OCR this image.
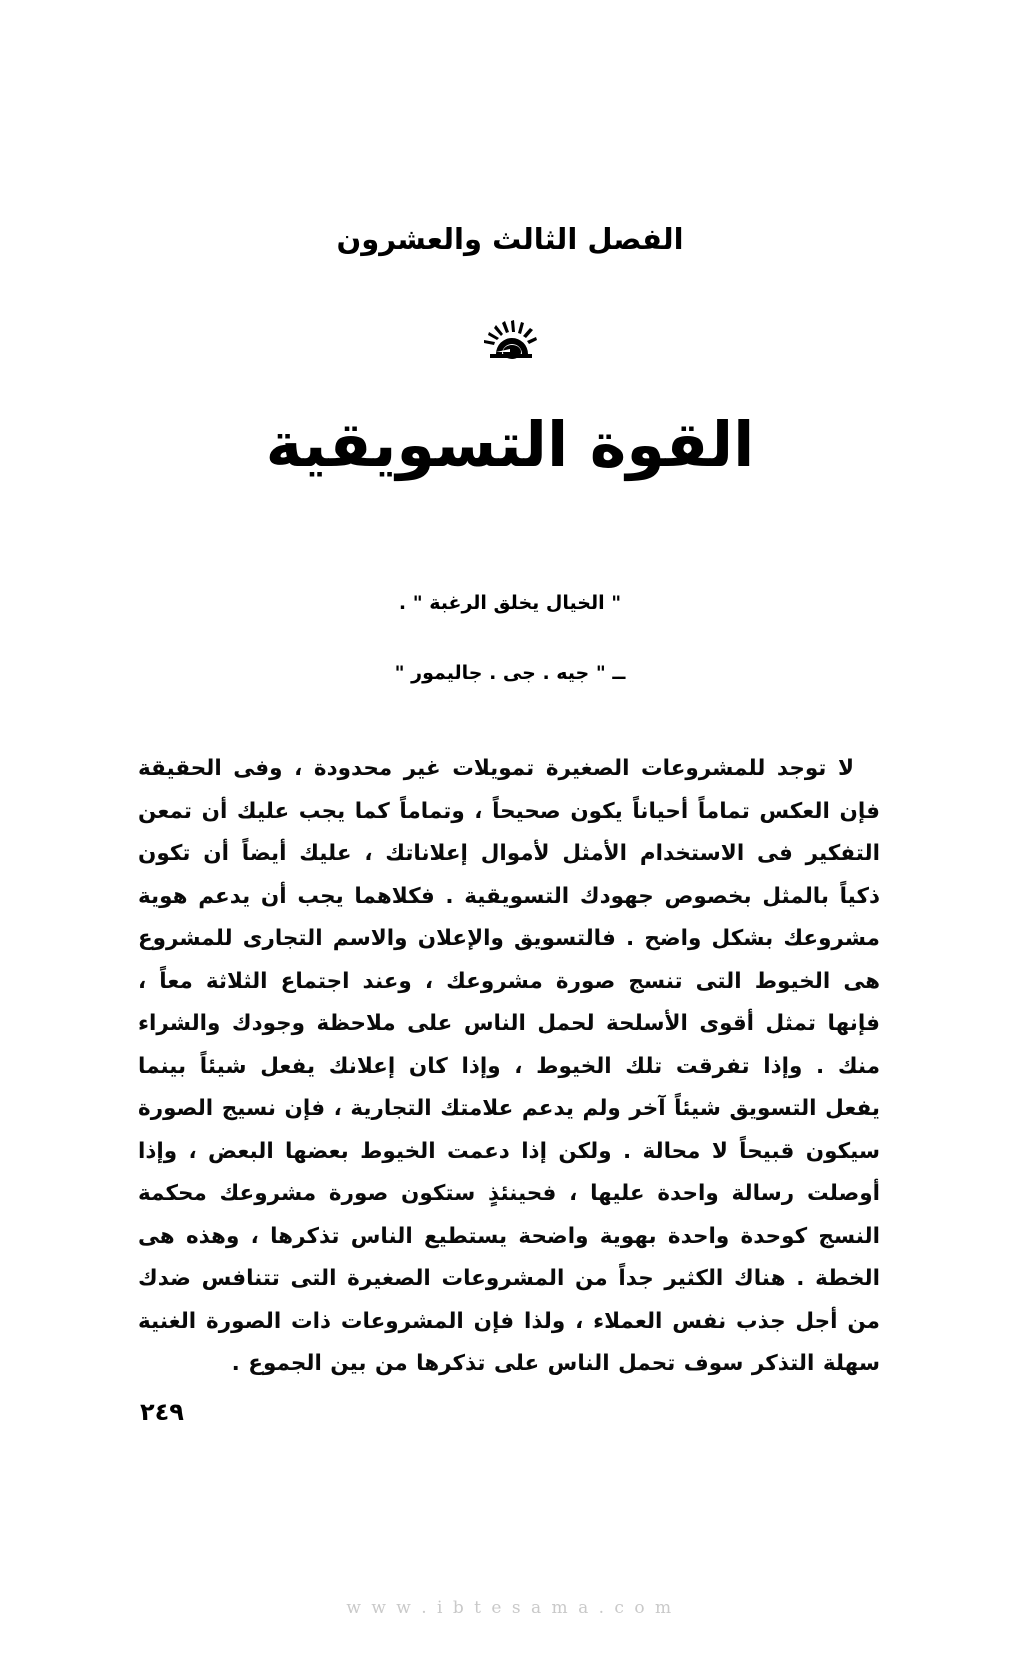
الفصل الثالث والعشرون
القوة التسويقية
" الخيال يخلق الرغبة " .
ــ " جيه . جى . جاليمور "

لا توجد للمشروعات الصغيرة تمويلات غير محدودة ، وفى الحقيقة فإن العكس تماماً أحياناً يكون صحيحاً ، وتماماً كما يجب عليك أن تمعن التفكير فى الاستخدام الأمثل لأموال إعلاناتك ، عليك أيضاً أن تكون ذكياً بالمثل بخصوص جهودك التسويقية . فكلاهما يجب أن يدعم هوية مشروعك بشكل واضح . فالتسويق والإعلان والاسم التجارى للمشروع هى الخيوط التى تنسج صورة مشروعك ، وعند اجتماع الثلاثة معاً ، فإنها تمثل أقوى الأسلحة لحمل الناس على ملاحظة وجودك والشراء منك . وإذا تفرقت تلك الخيوط ، وإذا كان إعلانك يفعل شيئاً بينما يفعل التسويق شيئاً آخر ولم يدعم علامتك التجارية ، فإن نسيج الصورة سيكون قبيحاً لا محالة . ولكن إذا دعمت الخيوط بعضها البعض ، وإذا أوصلت رسالة واحدة عليها ، فحينئذٍ ستكون صورة مشروعك محكمة النسج كوحدة واحدة بهوية واضحة يستطيع الناس تذكرها ، وهذه هى الخطة . هناك الكثير جداً من المشروعات الصغيرة التى تتنافس ضدك من أجل جذب نفس العملاء ، ولذا فإن المشروعات ذات الصورة الغنية سهلة التذكر سوف تحمل الناس على تذكرها من بين الجموع .

٢٤٩
w w w . i b t e s a m a . c o m
